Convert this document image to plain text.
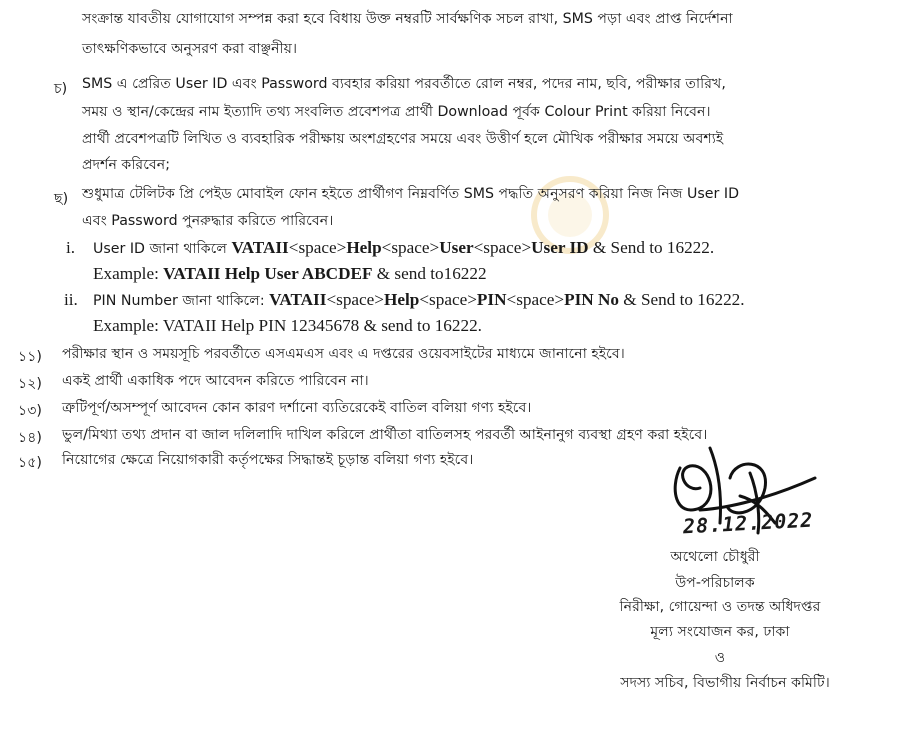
সংক্রান্ত যাবতীয় যোগাযোগ সম্পন্ন করা হবে বিধায় উক্ত নম্বরটি সার্বক্ষণিক সচল রাখা, SMS পড়া এবং প্রাপ্ত নির্দেশনা
তাৎক্ষণিকভাবে অনুসরণ করা বাঞ্ছনীয়।
চ) SMS এ প্রেরিত User ID এবং Password ব্যবহার করিয়া পরবর্তীতে রোল নম্বর, পদের নাম, ছবি, পরীক্ষার তারিখ,
সময় ও স্থান/কেন্দ্রের নাম ইত্যাদি তথ্য সংবলিত প্রবেশপত্র প্রার্থী Download পূর্বক Colour Print করিয়া নিবেন।
প্রার্থী প্রবেশপত্রটি লিখিত ও ব্যবহারিক পরীক্ষায় অংশগ্রহণের সময়ে এবং উত্তীর্ণ হলে মৌখিক পরীক্ষার সময়ে অবশ্যই
প্রদর্শন করিবেন;
ছ) শুধুমাত্র টেলিটক প্রি পেইড মোবাইল ফোন হইতে প্রার্থীগণ নিম্নবর্ণিত SMS পদ্ধতি অনুসরণ করিয়া নিজ নিজ User ID
এবং Password পুনরুদ্ধার করিতে পারিবেন।
i. User ID জানা থাকিলে VATAII<space>Help<space>User<space>User ID & Send to 16222.
Example: VATAII Help User ABCDEF & send to16222
ii. PIN Number জানা থাকিলে: VATAII<space>Help<space>PIN<space>PIN No & Send to 16222.
Example: VATAII Help PIN 12345678 & send to 16222.
১১) পরীক্ষার স্থান ও সময়সূচি পরবর্তীতে এসএমএস এবং এ দপ্তরের ওয়েবসাইটের মাধ্যমে জানানো হইবে।
১২) একই প্রার্থী একাধিক পদে আবেদন করিতে পারিবেন না।
১৩) ত্রুটিপূর্ণ/অসম্পূর্ণ আবেদন কোন কারণ দর্শানো ব্যতিরেকেই বাতিল বলিয়া গণ্য হইবে।
১৪) ভুল/মিথ্যা তথ্য প্রদান বা জাল দলিলাদি দাখিল করিলে প্রার্থীতা বাতিলসহ পরবর্তী আইনানুগ ব্যবস্থা গ্রহণ করা হইবে।
১৫) নিয়োগের ক্ষেত্রে নিয়োগকারী কর্তৃপক্ষের সিদ্ধান্তই চূড়ান্ত বলিয়া গণ্য হইবে।
28.12.2022
অথেলো চৌধুরী
উপ-পরিচালক
নিরীক্ষা, গোয়েন্দা ও তদন্ত অধিদপ্তর
মূল্য সংযোজন কর, ঢাকা
ও
সদস্য সচিব, বিভাগীয় নির্বাচন কমিটি।
